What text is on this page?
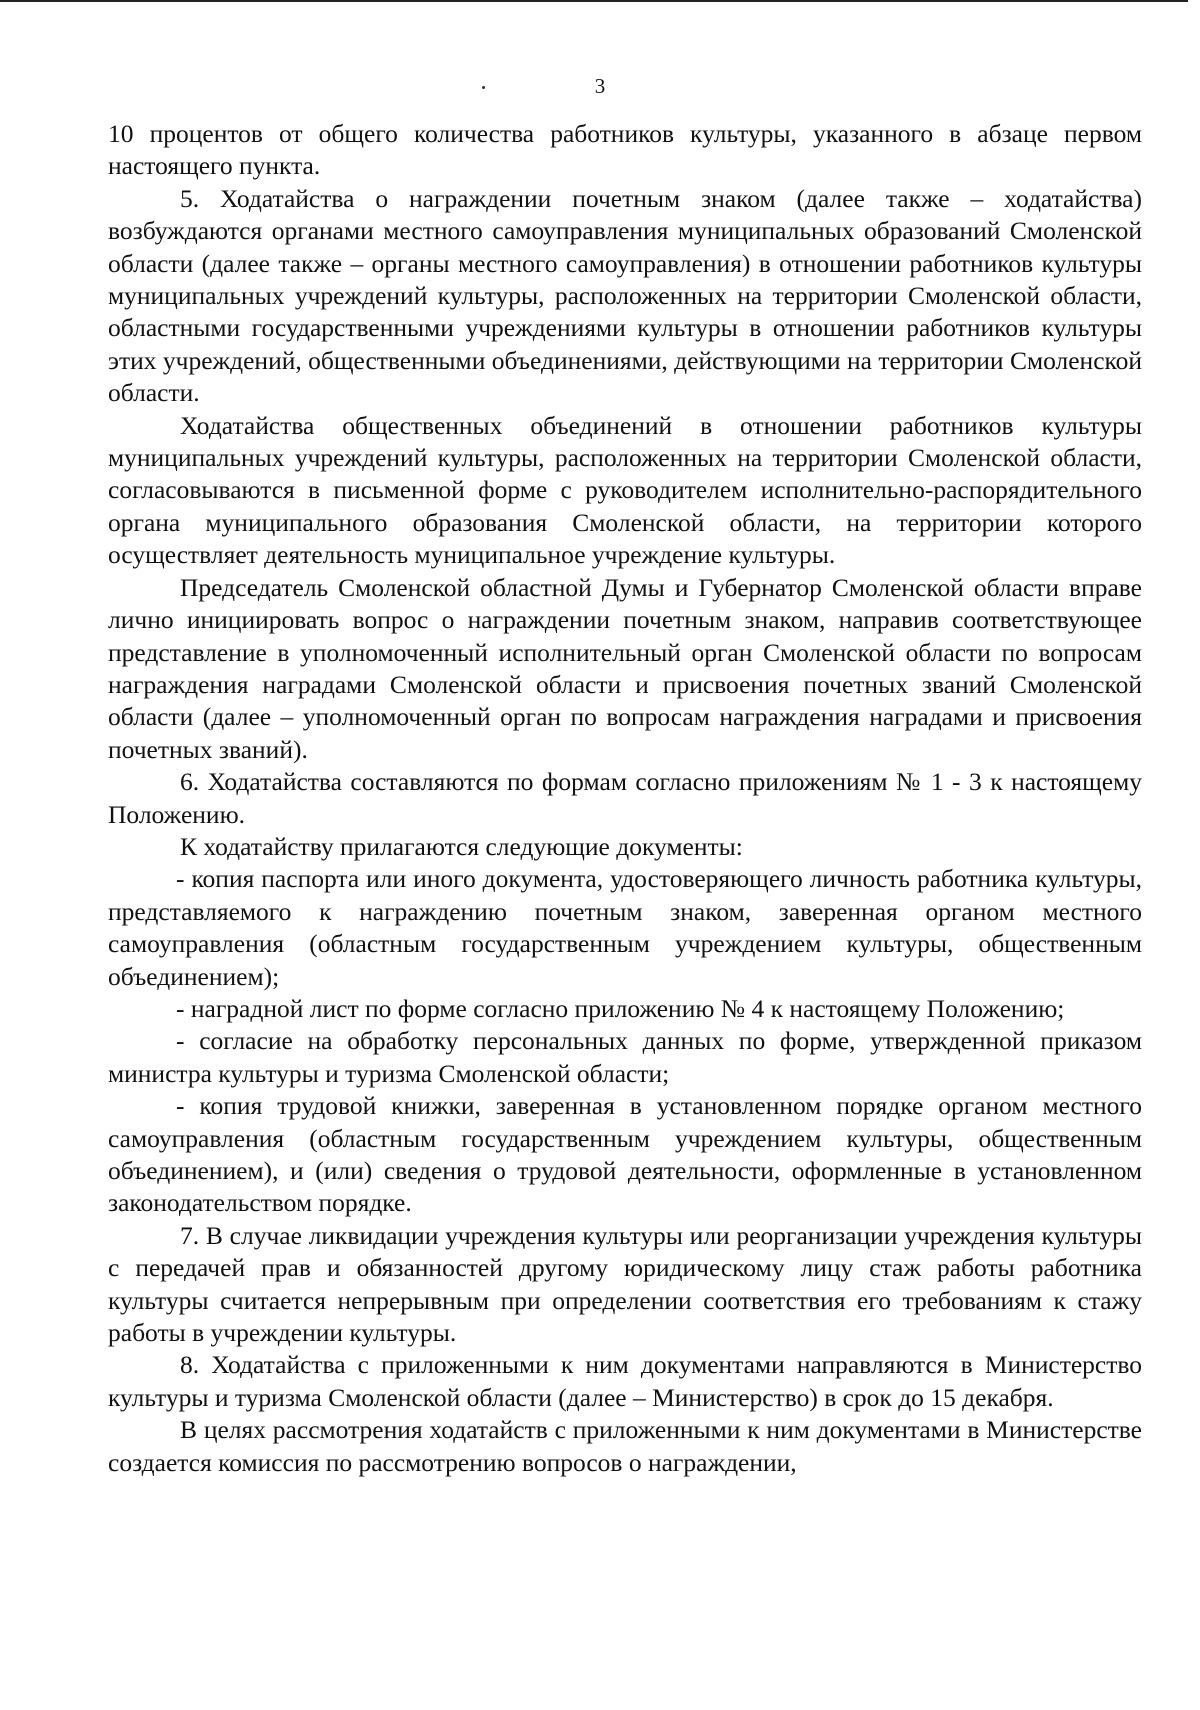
3

10 процентов от общего количества работников культуры, указанного в абзаце первом настоящего пункта.

5. Ходатайства о награждении почетным знаком (далее также – ходатайства) возбуждаются органами местного самоуправления муниципальных образований Смоленской области (далее также – органы местного самоуправления) в отношении работников культуры муниципальных учреждений культуры, расположенных на территории Смоленской области, областными государственными учреждениями культуры в отношении работников культуры этих учреждений, общественными объединениями, действующими на территории Смоленской области.

Ходатайства общественных объединений в отношении работников культуры муниципальных учреждений культуры, расположенных на территории Смоленской области, согласовываются в письменной форме с руководителем исполнительно-распорядительного органа муниципального образования Смоленской области, на территории которого осуществляет деятельность муниципальное учреждение культуры.

Председатель Смоленской областной Думы и Губернатор Смоленской области вправе лично инициировать вопрос о награждении почетным знаком, направив соответствующее представление в уполномоченный исполнительный орган Смоленской области по вопросам награждения наградами Смоленской области и присвоения почетных званий Смоленской области (далее – уполномоченный орган по вопросам награждения наградами и присвоения почетных званий).

6. Ходатайства составляются по формам согласно приложениям № 1 - 3 к настоящему Положению.

К ходатайству прилагаются следующие документы:

- копия паспорта или иного документа, удостоверяющего личность работника культуры, представляемого к награждению почетным знаком, заверенная органом местного самоуправления (областным государственным учреждением культуры, общественным объединением);

- наградной лист по форме согласно приложению № 4 к настоящему Положению;

- согласие на обработку персональных данных по форме, утвержденной приказом министра культуры и туризма Смоленской области;

- копия трудовой книжки, заверенная в установленном порядке органом местного самоуправления (областным государственным учреждением культуры, общественным объединением), и (или) сведения о трудовой деятельности, оформленные в установленном законодательством порядке.

7. В случае ликвидации учреждения культуры или реорганизации учреждения культуры с передачей прав и обязанностей другому юридическому лицу стаж работы работника культуры считается непрерывным при определении соответствия его требованиям к стажу работы в учреждении культуры.

8. Ходатайства с приложенными к ним документами направляются в Министерство культуры и туризма Смоленской области (далее – Министерство) в срок до 15 декабря.

В целях рассмотрения ходатайств с приложенными к ним документами в Министерстве создается комиссия по рассмотрению вопросов о награждении,
